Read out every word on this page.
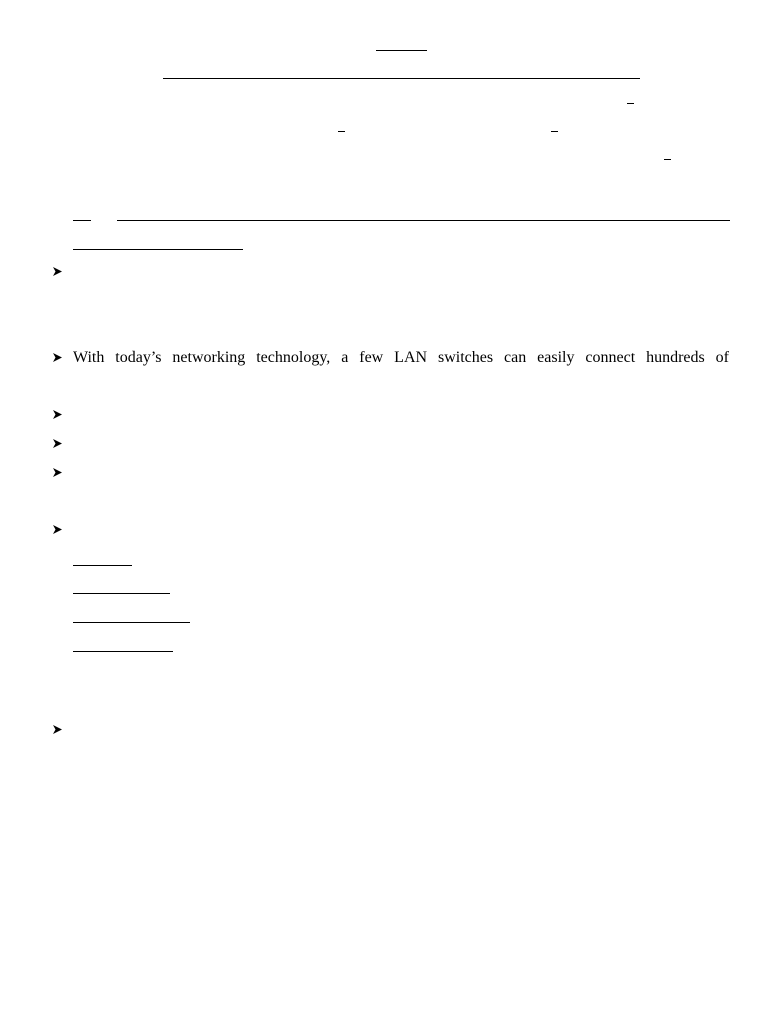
With today’s networking technology, a few LAN switches can easily connect hundreds of
